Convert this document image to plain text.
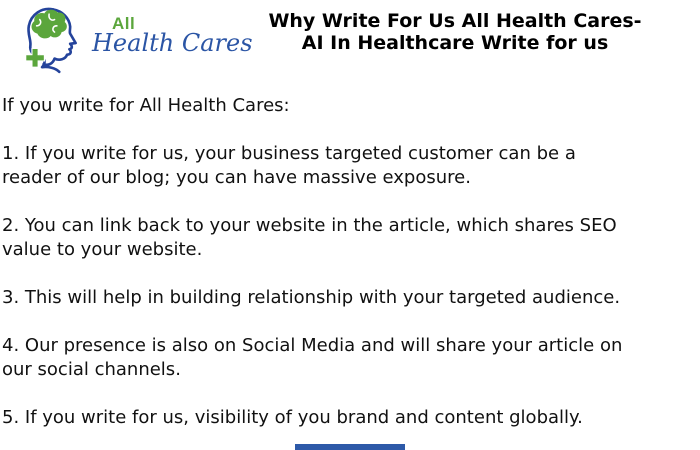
All
Health Cares
Why Write For Us All Health Cares-
AI In Healthcare Write for us

If you write for All Health Cares:

1. If you write for us, your business targeted customer can be a
reader of our blog; you can have massive exposure.

2. You can link back to your website in the article, which shares SEO
value to your website.

3. This will help in building relationship with your targeted audience.

4. Our presence is also on Social Media and will share your article on
our social channels.

5. If you write for us, visibility of you brand and content globally.
